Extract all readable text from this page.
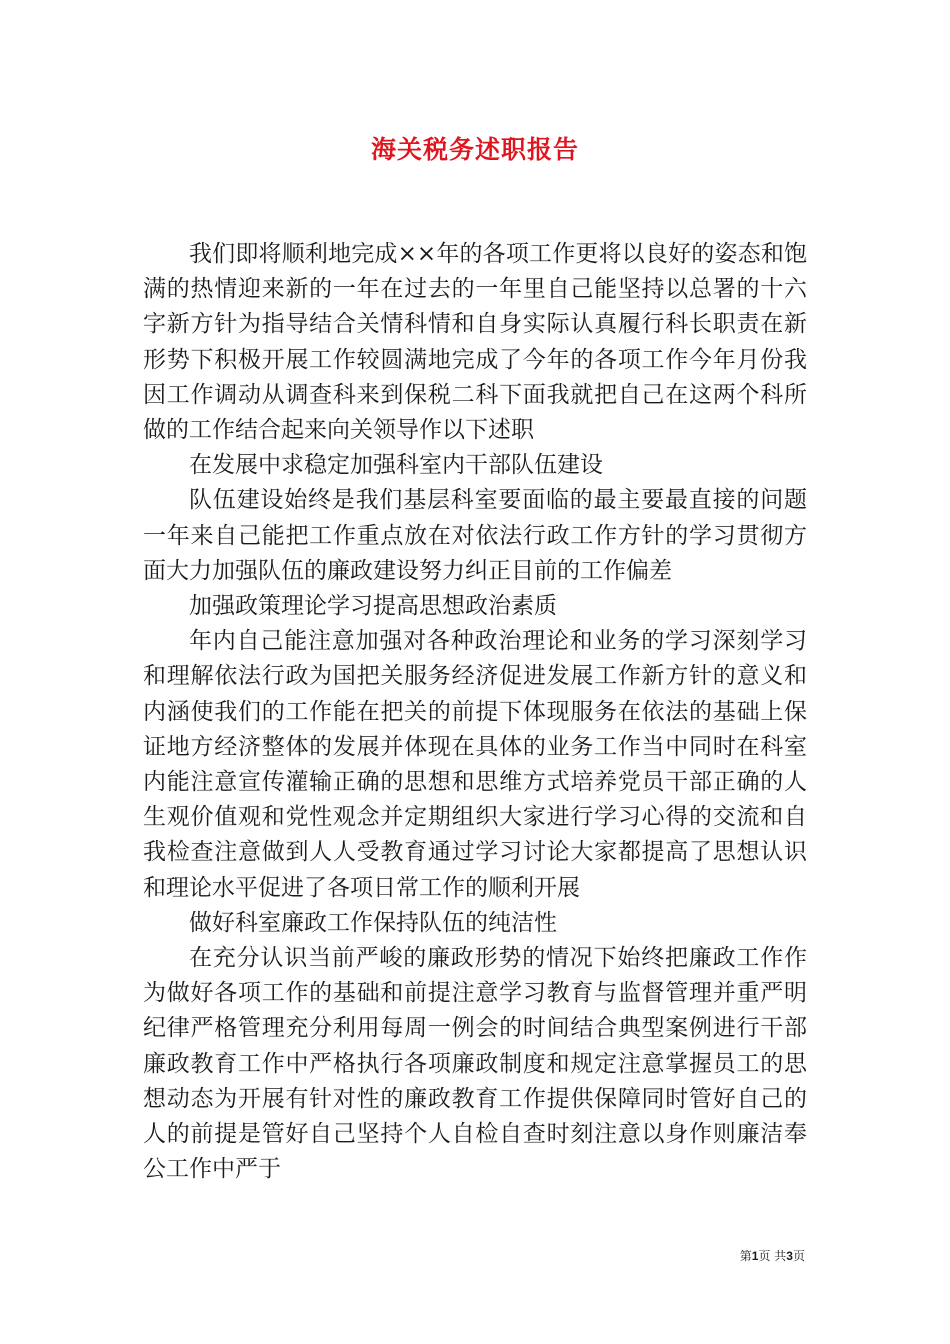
海关税务述职报告

我们即将顺利地完成××年的各项工作更将以良好的姿态和饱满的热情迎来新的一年在过去的一年里自己能坚持以总署的十六字新方针为指导结合关情科情和自身实际认真履行科长职责在新形势下积极开展工作较圆满地完成了今年的各项工作今年月份我因工作调动从调查科来到保税二科下面我就把自己在这两个科所做的工作结合起来向关领导作以下述职

在发展中求稳定加强科室内干部队伍建设

队伍建设始终是我们基层科室要面临的最主要最直接的问题一年来自己能把工作重点放在对依法行政工作方针的学习贯彻方面大力加强队伍的廉政建设努力纠正目前的工作偏差

加强政策理论学习提高思想政治素质

年内自己能注意加强对各种政治理论和业务的学习深刻学习和理解依法行政为国把关服务经济促进发展工作新方针的意义和内涵使我们的工作能在把关的前提下体现服务在依法的基础上保证地方经济整体的发展并体现在具体的业务工作当中同时在科室内能注意宣传灌输正确的思想和思维方式培养党员干部正确的人生观价值观和党性观念并定期组织大家进行学习心得的交流和自我检查注意做到人人受教育通过学习讨论大家都提高了思想认识和理论水平促进了各项日常工作的顺利开展

做好科室廉政工作保持队伍的纯洁性

在充分认识当前严峻的廉政形势的情况下始终把廉政工作作为做好各项工作的基础和前提注意学习教育与监督管理并重严明纪律严格管理充分利用每周一例会的时间结合典型案例进行干部廉政教育工作中严格执行各项廉政制度和规定注意掌握员工的思想动态为开展有针对性的廉政教育工作提供保障同时管好自己的人的前提是管好自己坚持个人自检自查时刻注意以身作则廉洁奉公工作中严于

第1页 共3页
